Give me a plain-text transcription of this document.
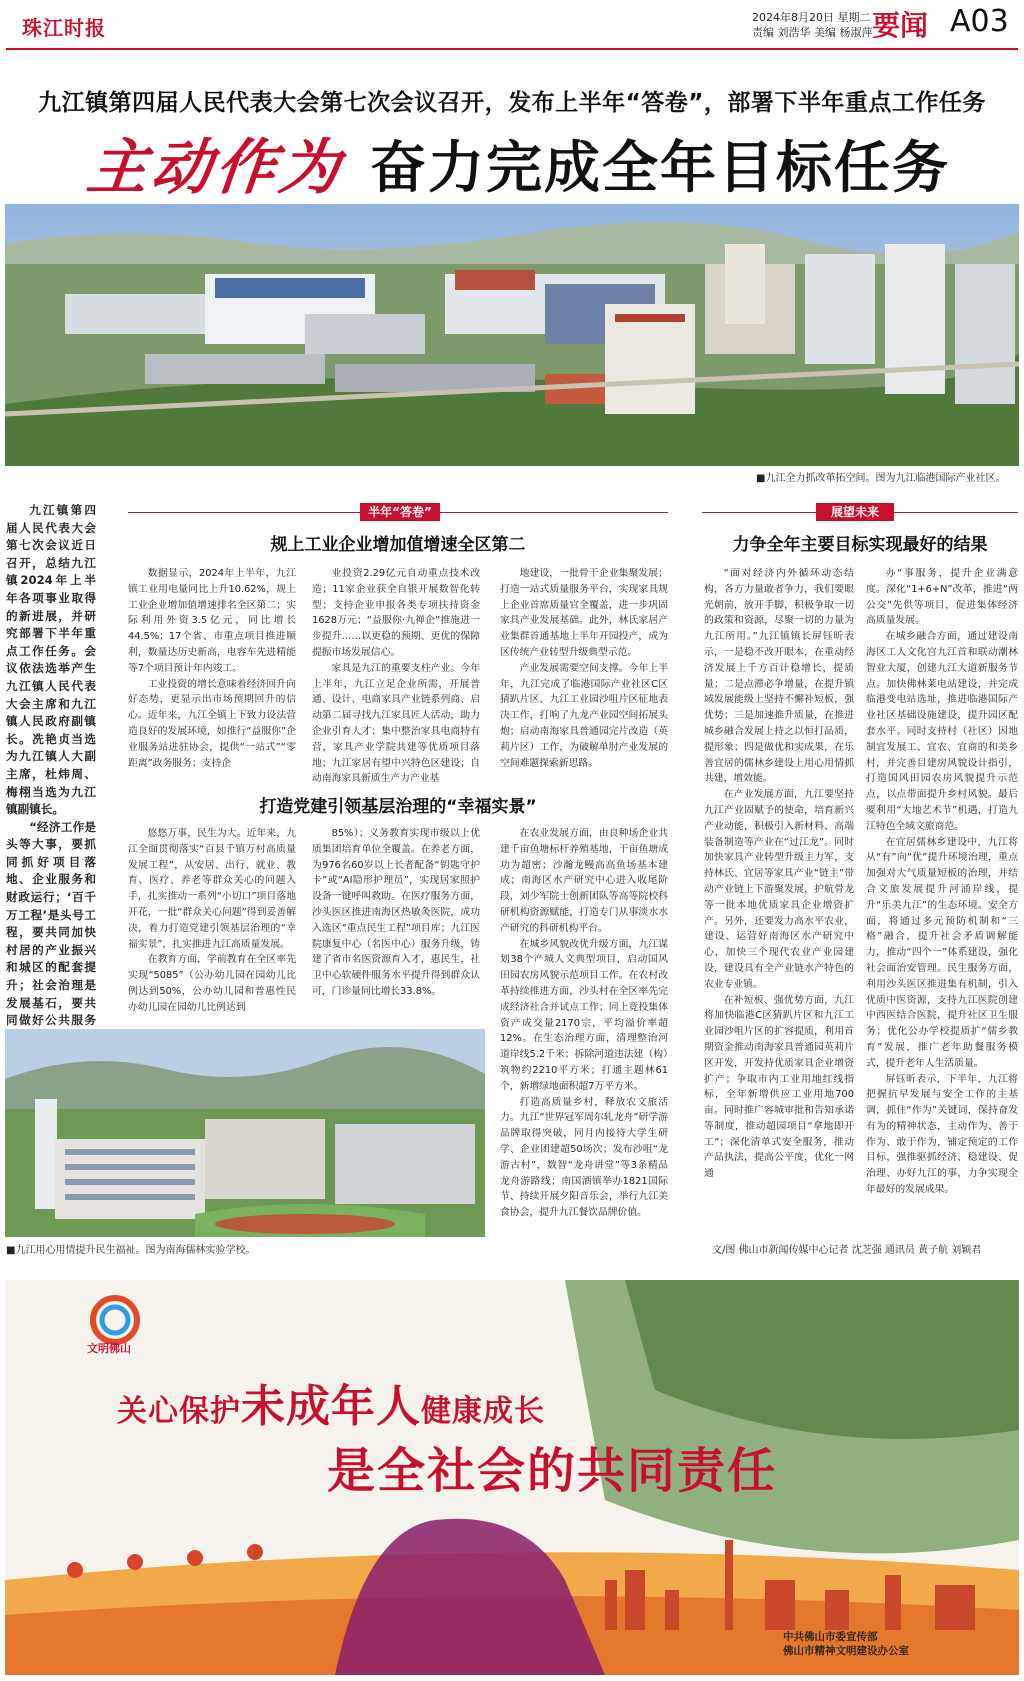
珠江时报	2024年8月20日 星期二
责编 刘浩华 美编 杨淑萍 要闻 A03
九江镇第四届人民代表大会第七次会议召开，发布上半年“答卷”，部署下半年重点工作任务
主动作为 奋力完成全年目标任务
■九江全力抓改革拓空间。图为九江临港国际产业社区。

九江镇第四届人民代表大会第七次会议近日召开，总结九江镇2024年上半年各项事业取得的新进展，并研究部署下半年重点工作任务。会议依法选举产生九江镇人民代表大会主席和九江镇人民政府副镇长。冼艳贞当选为九江镇人大副主席，杜炜周、梅栩当选为九江镇副镇长。

“经济工作是头等大事，要抓同抓好项目落地、企业服务和财政运行；‘百千万工程’是头号工程，要共同加快村居的产业振兴和城区的配套提升；社会治理是发展基石，要共同做好公共服务

半年“答卷”
规上工业企业增加值增速全区第二

数据显示，2024年上半年，九江镇工业用电量同比上升10.62%，规上工业企业增加值增速排名全区第二；实际利用外资3.5亿元，同比增长44.5%；17个省、市重点项目推进顺利，数量达历史新高，电容车先进精能等7个项目预计年内竣工。

工业投资的增长意味着经济回升向好态势，更显示出市场预期回升的信心。近年来，九江全镇上下致力设法营造良好的发展环境，如推行“益服你”企业服务站进驻协会，提供“一站式”“零距离”政务服务；支持企

业投资2.29亿元自动重点技术改造；11家企业获全自银开展数智化转型；支持企业申报各类专项扶持资金1628万元；“益服你·九禅企”推施进一步提升……以更稳的预期、更优的保障提振市场发展信心。

家具是九江的重要支柱产业。今年上半年，九江立足企业所需，开展普通、设计、电商家具产业链系列商、启动第二届寻找九江家具匠人活动，助力企业引育人才；集中整治家具电商特有营，家具产业学院共建等优质项目落地；九江家居有望中兴特色区建设；自动南海家具新质生产力产业基

地建设，一批骨干企业集聚发展；打造一站式质量服务平台，实现家具规上企业首席质量官全覆盖，进一步巩固家具产业发展基础。此外，林氏家居产业集群首通基地上半年开园投产，成为区传统产业转型升级典型示范。

产业发展需要空间支撑。今年上半年，九江完成了临港国际产业社区C区猜趴片区、九江工业园沙咀片区征地表决工作，打响了九龙产业园空间拓展头炮；启动南海家具普通园完片改造（英莉片区）工作，为破解单肘产业发展的空间难题探索新思路。

打造党建引领基层治理的“幸福实景”

悠悠万事，民生为大。近年来，九江全面贯彻落实“百县千镇万村高质量发展工程”，从安居、出行、就业、教育、医疗、养老等群众关心的问题入手，扎实推动一系列“小切口”项目落地开花，一批“群众关心问题”得到妥善解决，着力打造党建引领基层治理的“幸福实景”，扎实推进九江高质量发展。

在教育方面，学前教育在全区率先实现“5085”（公办幼儿园在园幼儿比例达到50%，公办幼儿园和普惠性民办幼儿园在园幼儿比例达到

85%）；义务教育实现市级以上优质集团培育单位全覆盖。在养老方面，为976名60岁以上长者配备“钥匙守护卡”或“AI隐形护理员”，实现居家照护设备一键呼叫救助。在医疗服务方面，沙头医区推进南海区热敏灸医院，成功入选区“重点民生工程”项目库；九江医院康复中心（名医中心）服务升级，铸建了省市名医资源育入才，惠民生，社卫中心软硬件服务水平提升得到群众认可，门诊量同比增长33.8%。

在农业发展方面，由良种场企业共建千亩鱼塘标杆养殖基地，干亩鱼塘成功为超密；沙瀚龙鳗高高鱼场基本建成；南海区水产研究中心进入收尾阶段，刘少军院士创新团队等高等院校科研机构资源赋能，打造专门从事淡水水产研究的科研机构平台。

在城乡风貌改优升级方面，九江谋划38个产城人文典型项目，启动国风田园农房风貌示范项目工作。在农村改革持续推进方面，沙头村在全区率先完成经济社合并试点工作；同上竟投集体资产成交量2170宗，平均溢价率超12%。在生态治理方面，清理整治河道岸线5.2千米；拆除河道违法建（构）筑物约2210平方米；打通主题林61个，新增绿地面积超7万平方米。

打造高质量乡村，释放农文旅活力。九江“世界冠军周尔轧龙舟”研学游品牌取得突破，同月内接待大学生研学、企业团建超50场次；发布沙咀“龙游古村”，数智“龙舟讲堂”等3条精品龙舟游路线；南国酒镇举办1821国际节、持续开展夕阳音乐会，举行九江美食协会，提升九江餐饮品牌价值。

■九江用心用情提升民生福祉。图为南海儒林实验学校。
展望未来
力争全年主要目标实现最好的结果

“面对经济内外循环动态结构，各方力量敢者争力，我们要眼光朝前，放开手脚，积极争取一切的政策和资源，尽聚一切的力量为九江所用。”九江镇镇长屏钰昕表示，一是稳不改开眼本，在重动经济发展上千方百计稳增长，提质量；二是点滞必争增量，在提升镇域发展能级上坚持不懈补短板，强优势；三是加速推升质量，在推进城乡融合发展上持之以恒打品质，提形象；四是做优和实成果，在乐善宜居的儒林乡建设上用心用情抓共建，增效能。

在产业发展方面，九江要坚持九江产业固赋予的使命，培育新兴产业动能，积极引入新材料、高端装备制造等产业在“过江龙”。同时加快家具产业转型升级主力军，支持林氏、宜居等家具产业“链主”带动产业链上下游聚发展，护航骨龙等一批本地优质家具企业增资扩产。另外，还要发力高水平农业，建设、运营好南海区水产研究中心，加快三个现代农业产业园建设，建设具有全产业链水产特色的农业专业镇。

在补短板、强优势方面，九江将加快临港C区猜趴片区和九江工业园沙咀片区的扩容提质，利用首期资金推动南海家具普通园英莉片区开发，开发持优质家具企业增资扩产；争取市内工业用地红线指标，全年新增供应工业用地700亩。同时推广容城审批和告知承诺等制度，推动超园项目“拿地即开工”；深化清单式安全服务，推动产品执法，提高公平度，优化一网通

办“事服务，提升企业满意度。深化“1+6+N”改革，推进“两公交”先供等项目，促进集体经济高质量发展。

在城乡融合方面，通过建设南海区工人文化宫九江首和联动潮林智业大厦，创建九江大道新服务节点。加快佛林莱电站建设，并完成临港变电站选址，推进临港国际产业社区基础设施建设，提升园区配套水平。同时支持村（社区）因地制宜发展工、宜农、宜商的和美乡村，并完善目建房风貌设计指引，打造国风田园农房风貌提升示范点，以点带面提升乡村风貌。最后要利用“大地艺术节”机遇，打造九江特色全域文旅商范。

在宜居儒林乡建设中，九江将从“有”向“优”提升环境治理，重点加强对大气质量短板的治理，并结合文旅发展提升河涌岸线，提升“乐美九江”的生态环境。安全方面，将通过多元预防机制和“三格”融合，提升社会矛盾调解能力，推动“四个一”体系建设，强化社会面治安管理。民生服务方面，利用沙头医区推进集有机制，引入优质中医资源，支持九江医院创建中西医结合医院，提升社区卫生服务；优化公办学校提质扩“儒乡教育”发展，推广老年助餐服务模式，提升老年人生活质量。

屏钰昕表示，下半年，九江将把握抗早发展与安全工作的主基调，抓住“作为”关键词，保持奋发有为的精神状态，主动作为、善于作为、敢于作为，铺定预定的工作目标，强推驱抓经济、稳建设、促治理、办好九江的事，力争实现全年最好的发展成果。

文/图 佛山市新闻传媒中心记者 沈芝强 通讯员 黄子航 刘颖君
文明佛山
关心保护未成年人健康成长
是全社会的共同责任
中共佛山市委宣传部
佛山市精神文明建设办公室
